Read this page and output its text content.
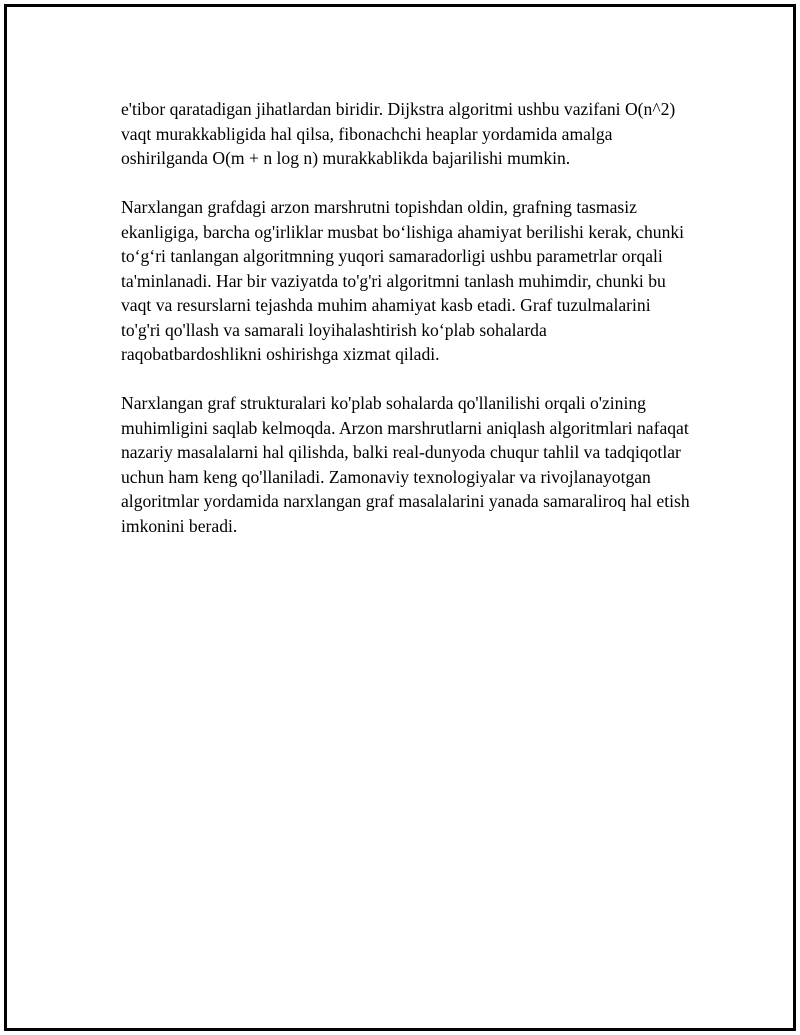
e'tibor qaratadigan jihatlardan biridir. Dijkstra algoritmi ushbu vazifani O(n^2) vaqt murakkabligida hal qilsa, fibonachchi heaplar yordamida amalga oshirilganda O(m + n log n) murakkablikda bajarilishi mumkin.

Narxlangan grafdagi arzon marshrutni topishdan oldin, grafning tasmasiz ekanligiga, barcha og'irliklar musbat bo‘lishiga ahamiyat berilishi kerak, chunki to‘g‘ri tanlangan algoritmning yuqori samaradorligi ushbu parametrlar orqali ta'minlanadi. Har bir vaziyatda to'g'ri algoritmni tanlash muhimdir, chunki bu vaqt va resurslarni tejashda muhim ahamiyat kasb etadi. Graf tuzulmalarini to'g'ri qo'llash va samarali loyihalashtirish ko‘plab sohalarda raqobatbardoshlikni oshirishga xizmat qiladi.

Narxlangan graf strukturalari ko'plab sohalarda qo'llanilishi orqali o'zining muhimligini saqlab kelmoqda. Arzon marshrutlarni aniqlash algoritmlari nafaqat nazariy masalalarni hal qilishda, balki real-dunyoda chuqur tahlil va tadqiqotlar uchun ham keng qo'llaniladi. Zamonaviy texnologiyalar va rivojlanayotgan algoritmlar yordamida narxlangan graf masalalarini yanada samaraliroq hal etish imkonini beradi.
